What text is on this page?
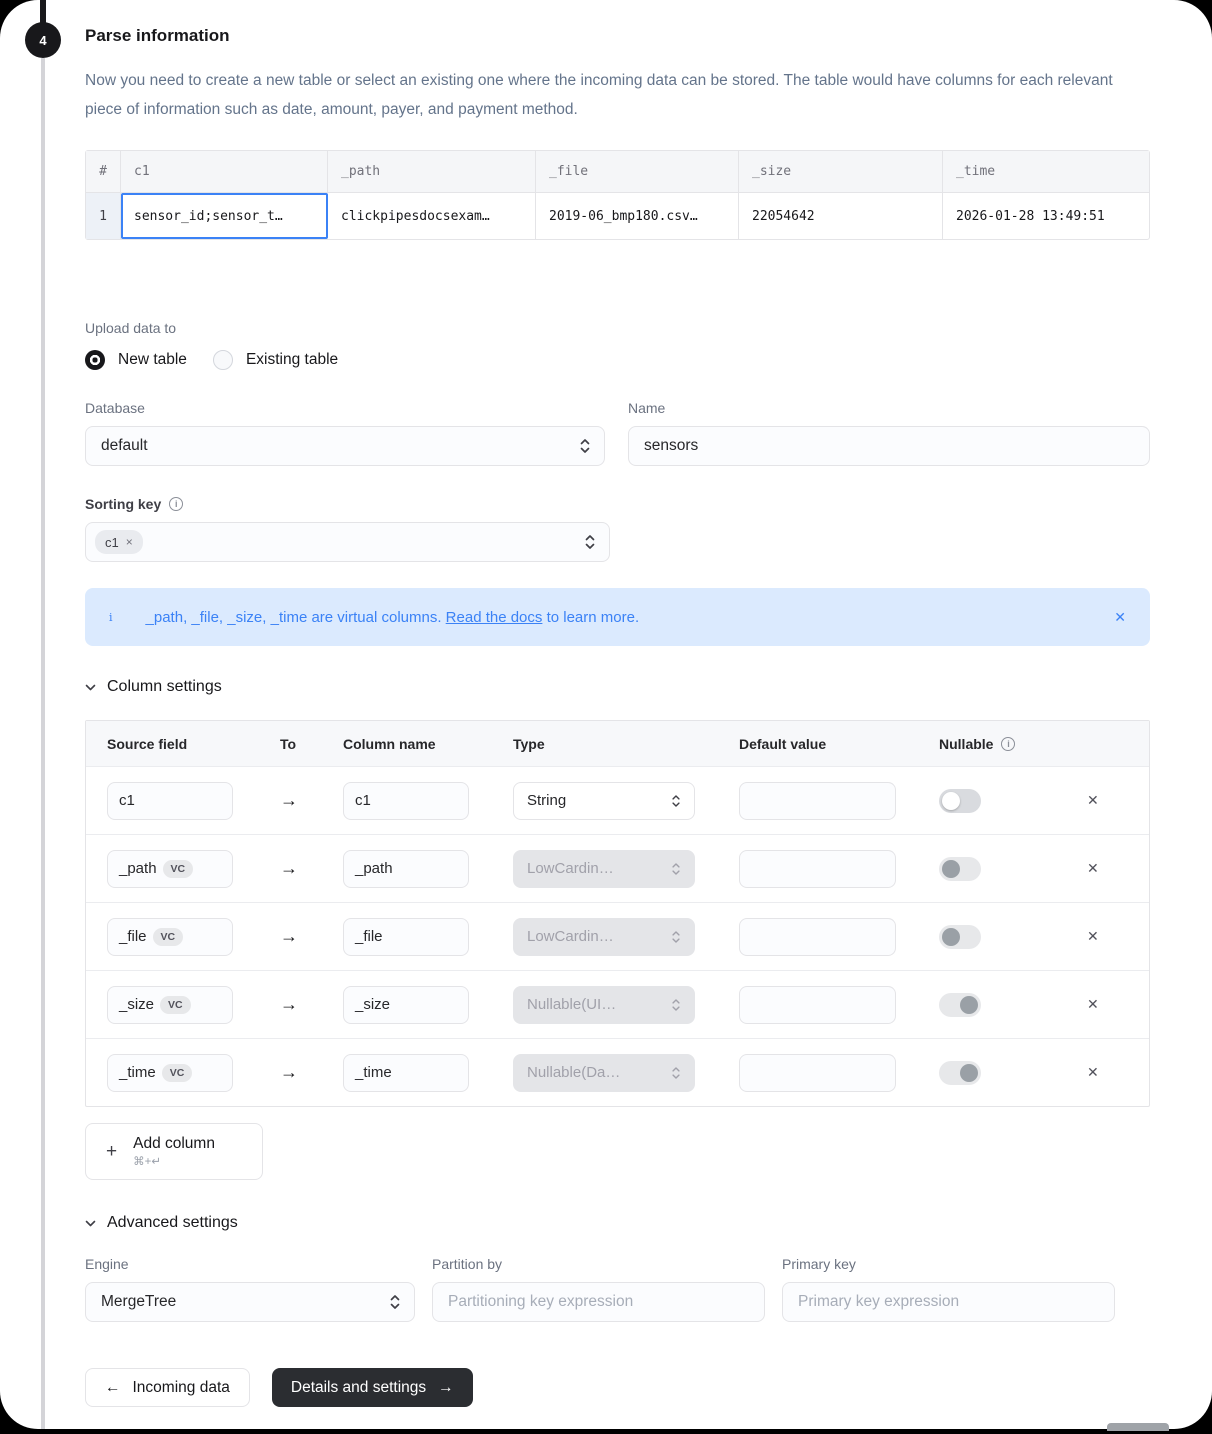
4	Parse information
Now you need to create a new table or select an existing one where the incoming data can be stored. The table would have columns for each relevant piece of information such as date, amount, payer, and payment method.
#	c1	_path	_file	_size	_time
1	sensor_id;sensor_t…	clickpipesdocsexam…	2019-06_bmp180.csv…	22054642	2026-01-28 13:49:51
Upload data to
New table	Existing table
Database
default
Name
sensors
Sorting key	i
c1 ×
i _path, _file, _size, _time are virtual columns. Read the docs to learn more.	✕
Column settings
Source field	To	Column name	Type	Default value	Nullable	i
c1	→	c1	String	✕
_path	VC	→	_path	LowCardin…	✕
_file	VC	→	_file	LowCardin…	✕
_size	VC	→	_size	Nullable(UI…	✕
_time	VC	→	_time	Nullable(Da…	✕
+ Add column
⌘+↵
Advanced settings
Engine
MergeTree
Partition by
Partitioning key expression	Primary key
Primary key expression
← Incoming data	Details and settings →
